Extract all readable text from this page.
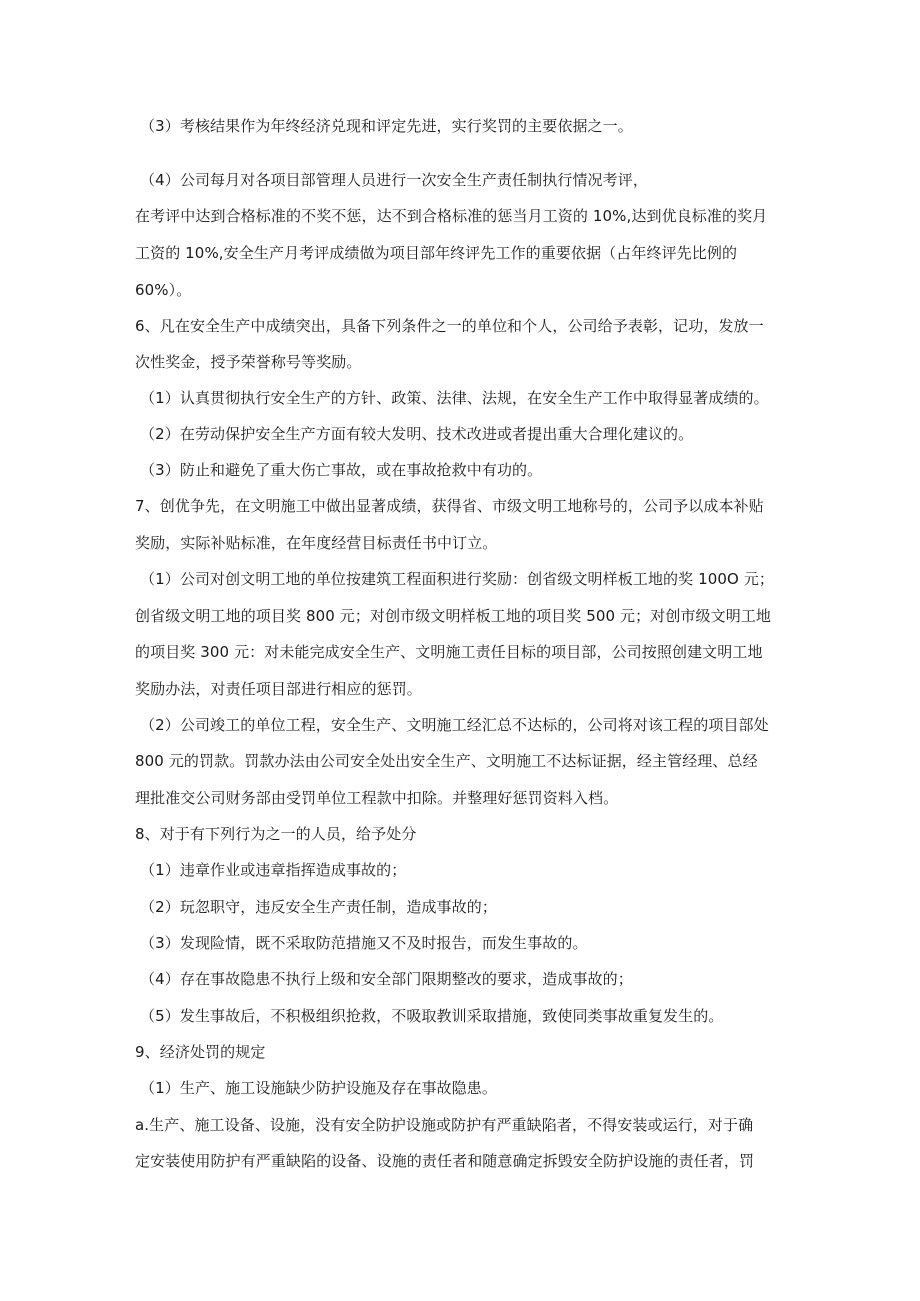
（3）考核结果作为年终经济兑现和评定先进，实行奖罚的主要依据之一。
（4）公司每月对各项目部管理人员进行一次安全生产责任制执行情况考评，
在考评中达到合格标准的不奖不惩，达不到合格标准的惩当月工资的 10%,达到优良标准的奖月
工资的 10%,安全生产月考评成绩做为项目部年终评先工作的重要依据（占年终评先比例的
60%）。
6、凡在安全生产中成绩突出，具备下列条件之一的单位和个人，公司给予表彰，记功，发放一
次性奖金，授予荣誉称号等奖励。
（1）认真贯彻执行安全生产的方针、政策、法律、法规，在安全生产工作中取得显著成绩的。
（2）在劳动保护安全生产方面有较大发明、技术改进或者提出重大合理化建议的。
（3）防止和避免了重大伤亡事故，或在事故抢救中有功的。
7、创优争先，在文明施工中做出显著成绩，获得省、市级文明工地称号的，公司予以成本补贴
奖励，实际补贴标准，在年度经营目标责任书中订立。
（1）公司对创文明工地的单位按建筑工程面积进行奖励：创省级文明样板工地的奖 100O 元；
创省级文明工地的项目奖 800 元；对创市级文明样板工地的项目奖 500 元；对创市级文明工地
的项目奖 300 元：对未能完成安全生产、文明施工责任目标的项目部，公司按照创建文明工地
奖励办法，对责任项目部进行相应的惩罚。
（2）公司竣工的单位工程，安全生产、文明施工经汇总不达标的，公司将对该工程的项目部处
800 元的罚款。罚款办法由公司安全处出安全生产、文明施工不达标证据，经主管经理、总经
理批准交公司财务部由受罚单位工程款中扣除。并整理好惩罚资料入档。
8、对于有下列行为之一的人员，给予处分
（1）违章作业或违章指挥造成事故的；
（2）玩忽职守，违反安全生产责任制，造成事故的；
（3）发现险情，既不采取防范措施又不及时报告，而发生事故的。
（4）存在事故隐患不执行上级和安全部门限期整改的要求，造成事故的；
（5）发生事故后，不积极组织抢救，不吸取教训采取措施，致使同类事故重复发生的。
9、经济处罚的规定
（1）生产、施工设施缺少防护设施及存在事故隐患。
a.生产、施工设备、设施，没有安全防护设施或防护有严重缺陷者，不得安装或运行，对于确
定安装使用防护有严重缺陷的设备、设施的责任者和随意确定拆毁安全防护设施的责任者，罚
